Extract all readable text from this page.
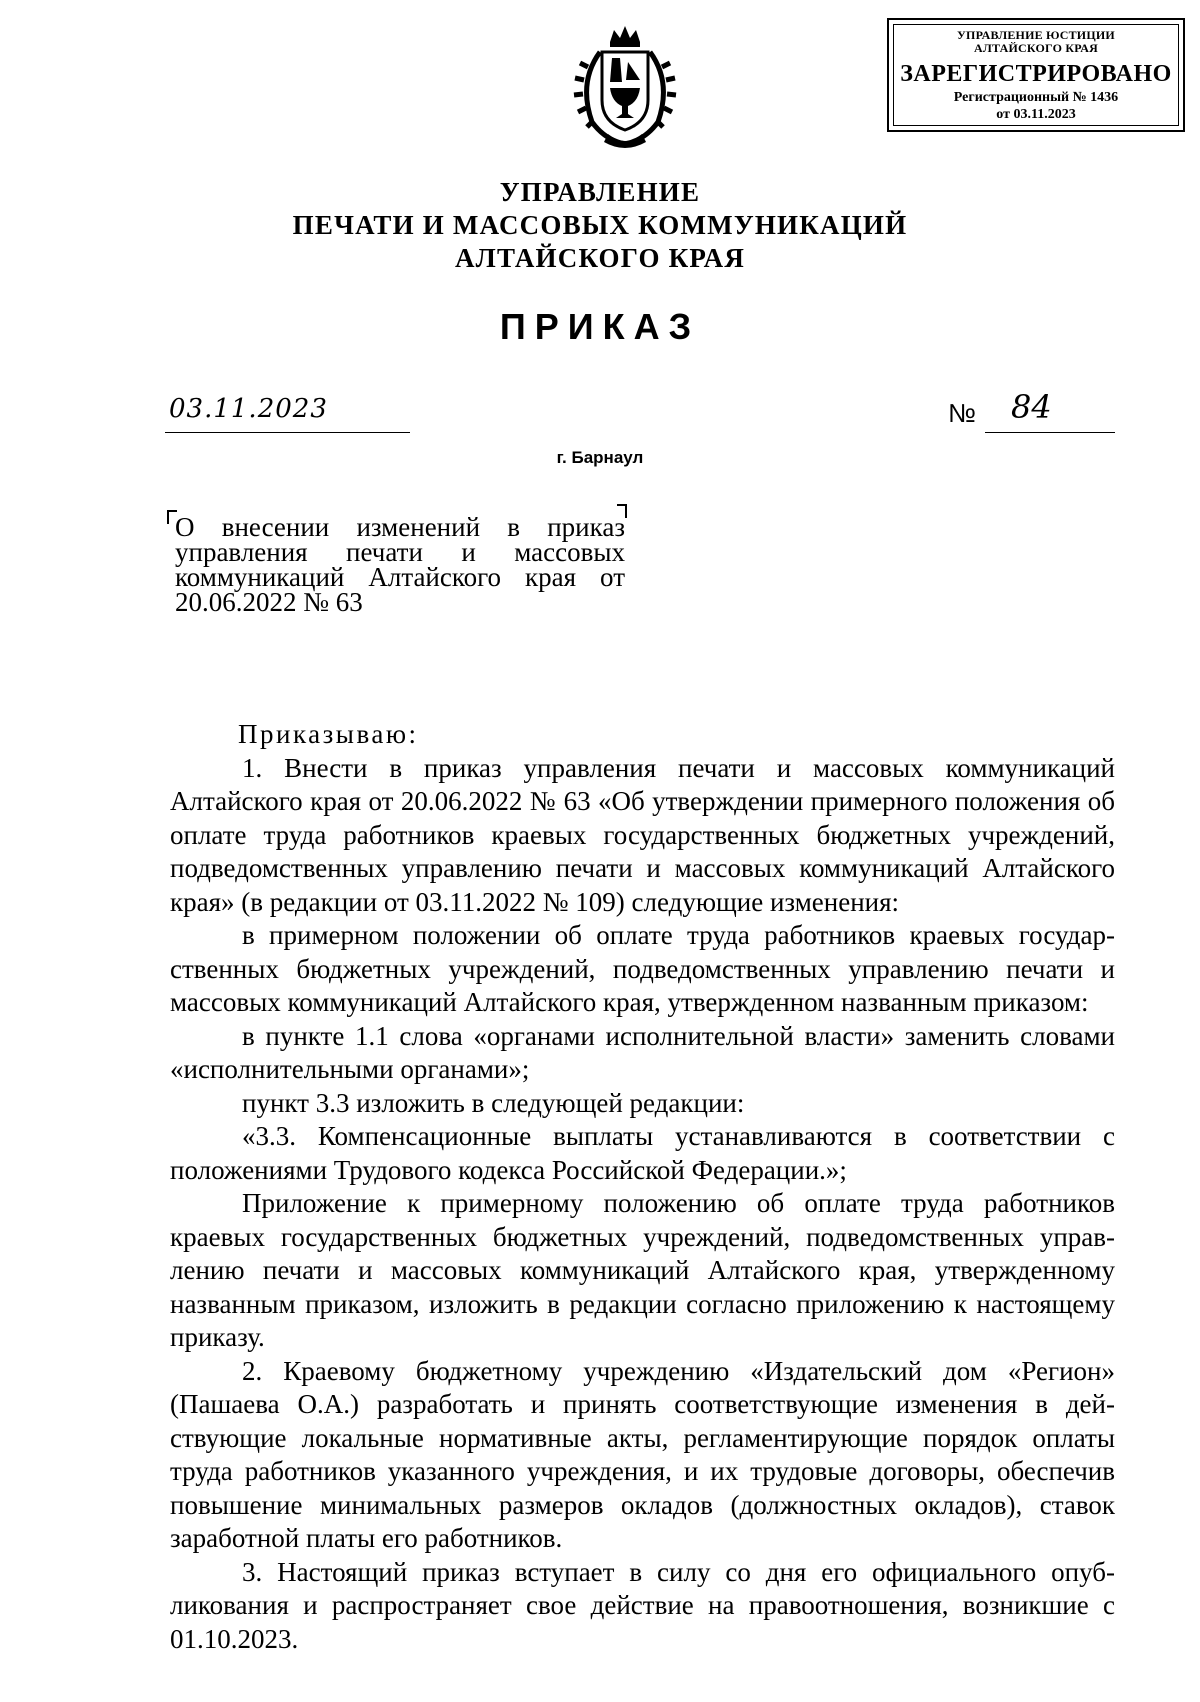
УПРАВЛЕНИЕ ЮСТИЦИИ
АЛТАЙСКОГО КРАЯ
ЗАРЕГИСТРИРОВАНО
Регистрационный № 1436
от 03.11.2023
УПРАВЛЕНИЕ
ПЕЧАТИ И МАССОВЫХ КОММУНИКАЦИЙ
АЛТАЙСКОГО КРАЯ
ПРИКАЗ
03.11.2023	№ 84
г. Барнаул
О внесении изменений в приказ управления печати и массовых коммуникаций Алтайского края от 20.06.2022 № 63

Приказываю:

1. Внести в приказ управления печати и массовых коммуникаций Алтайского края от 20.06.2022 № 63 «Об утверждении примерного положения об оплате труда работников краевых государственных бюджетных учреждений, подведомственных управлению печати и массовых коммуникаций Алтайского края» (в редакции от 03.11.2022 № 109) следующие изменения:

в примерном положении об оплате труда работников краевых государственных бюджетных учреждений, подведомственных управлению печати и массовых коммуникаций Алтайского края, утвержденном названным приказом:

в пункте 1.1 слова «органами исполнительной власти» заменить словами «исполнительными органами»;

пункт 3.3 изложить в следующей редакции:

«3.3. Компенсационные выплаты устанавливаются в соответствии с положениями Трудового кодекса Российской Федерации.»;

Приложение к примерному положению об оплате труда работников краевых государственных бюджетных учреждений, подведомственных управлению печати и массовых коммуникаций Алтайского края, утвержденному названным приказом, изложить в редакции согласно приложению к настоящему приказу.

2. Краевому бюджетному учреждению «Издательский дом «Регион» (Пашаева О.А.) разработать и принять соответствующие изменения в действующие локальные нормативные акты, регламентирующие порядок оплаты труда работников указанного учреждения, и их трудовые договоры, обеспечив повышение минимальных размеров окладов (должностных окладов), ставок заработной платы его работников.

3. Настоящий приказ вступает в силу со дня его официального опубликования и распространяет свое действие на правоотношения, возникшие с 01.10.2023.
